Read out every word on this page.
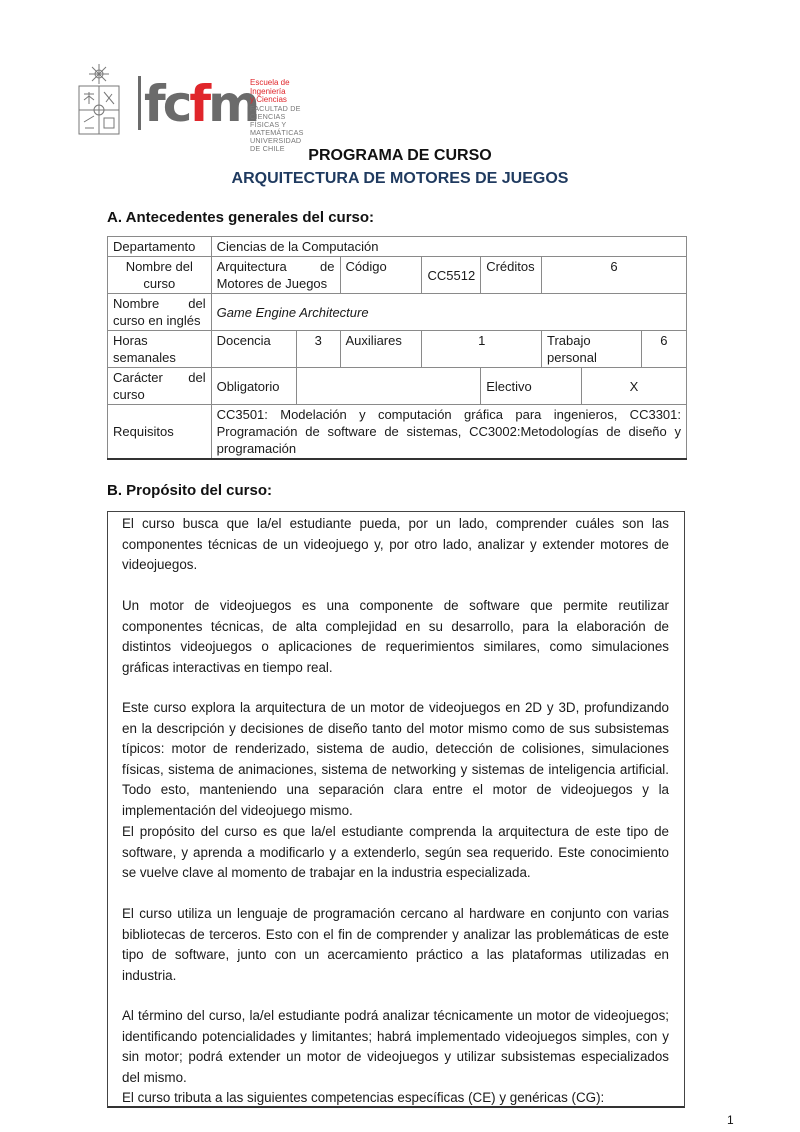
fcfm
Escuela de Ingeniería
y Ciencias
FACULTAD DE CIENCIAS
FÍSICAS Y MATEMÁTICAS
UNIVERSIDAD DE CHILE	PROGRAMA DE CURSO
ARQUITECTURA DE MOTORES DE JUEGOS
A. Antecedentes generales del curso:
Departamento	Ciencias de la Computación							
Nombre del curso	Arquitectura de Motores de Juegos		Código	CC5512	Créditos	6		
Nombre del curso en inglés	Game Engine Architecture							
Horas semanales	Docencia	3	Auxiliares	1		Trabajo personal		6
Carácter del curso	Obligatorio				Electivo		X	
Requisitos	CC3501: Modelación y computación gráfica para ingenieros, CC3301: Programación de software de sistemas, CC3002:Metodologías de diseño y programación							
B. Propósito del curso:

El curso busca que la/el estudiante pueda, por un lado, comprender cuáles son las componentes técnicas de un videojuego y, por otro lado, analizar y extender motores de videojuegos.

Un motor de videojuegos es una componente de software que permite reutilizar componentes técnicas, de alta complejidad en su desarrollo, para la elaboración de distintos videojuegos o aplicaciones de requerimientos similares, como simulaciones gráficas interactivas en tiempo real.

Este curso explora la arquitectura de un motor de videojuegos en 2D y 3D, profundizando en la descripción y decisiones de diseño tanto del motor mismo como de sus subsistemas típicos: motor de renderizado, sistema de audio, detección de colisiones, simulaciones físicas, sistema de animaciones, sistema de networking y sistemas de inteligencia artificial. Todo esto, manteniendo una separación clara entre el motor de videojuegos y la implementación del videojuego mismo.

El propósito del curso es que la/el estudiante comprenda la arquitectura de este tipo de software, y aprenda a modificarlo y a extenderlo, según sea requerido. Este conocimiento se vuelve clave al momento de trabajar en la industria especializada.

El curso utiliza un lenguaje de programación cercano al hardware en conjunto con varias bibliotecas de terceros. Esto con el fin de comprender y analizar las problemáticas de este tipo de software, junto con un acercamiento práctico a las plataformas utilizadas en industria.

Al término del curso, la/el estudiante podrá analizar técnicamente un motor de videojuegos; identificando potencialidades y limitantes; habrá implementado videojuegos simples, con y sin motor; podrá extender un motor de videojuegos y utilizar subsistemas especializados del mismo.

El curso tributa a las siguientes competencias específicas (CE) y genéricas (CG):

1
